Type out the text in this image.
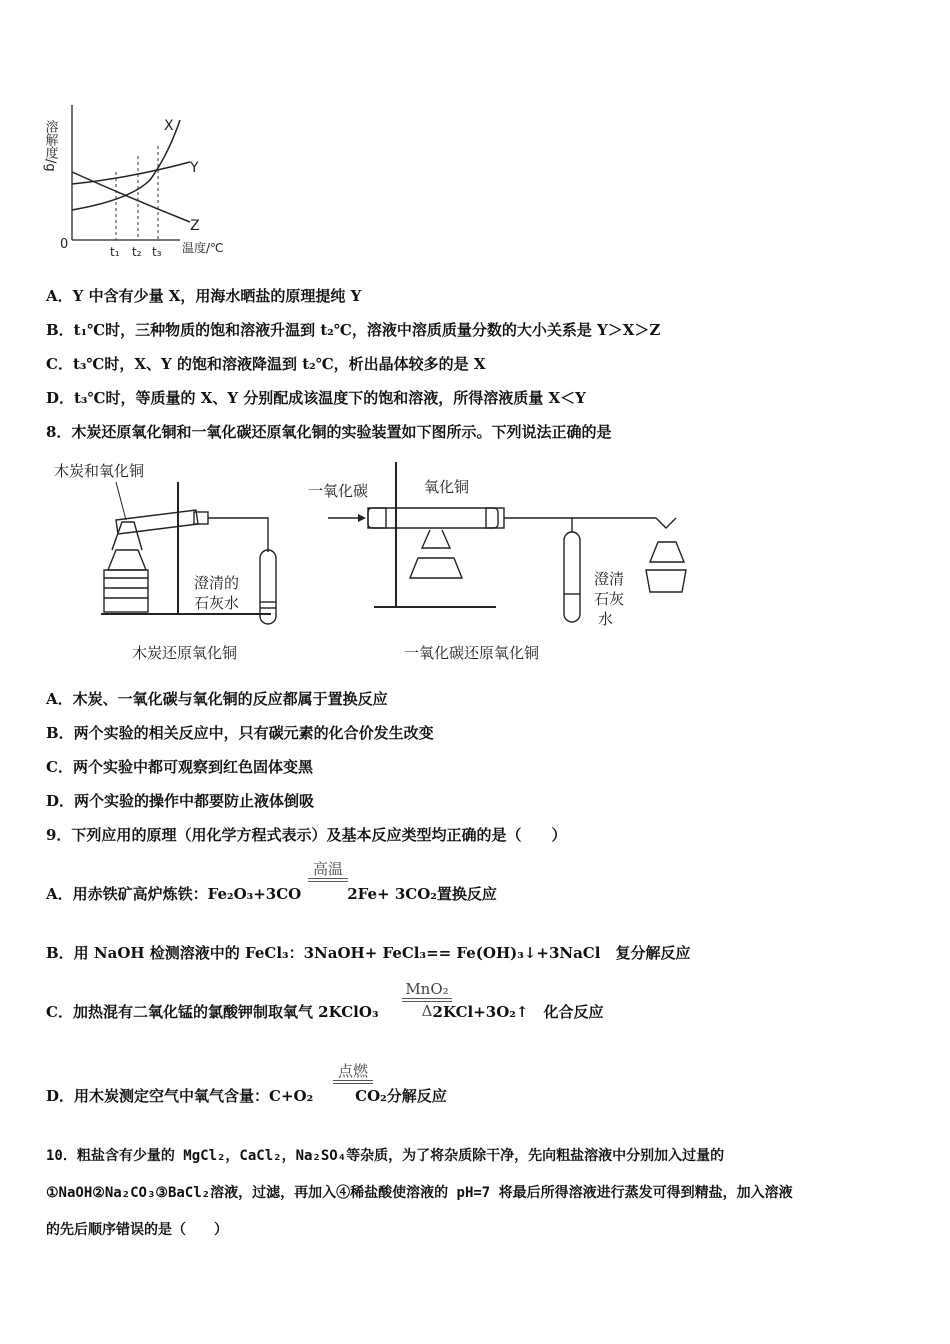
溶解度/g
0	t₁ t₂ t₃ 温度/℃
X
Y
Z
A．Y 中含有少量 X，用海水晒盐的原理提纯 Y
B．t₁℃时，三种物质的饱和溶液升温到 t₂℃，溶液中溶质质量分数的大小关系是 Y＞X＞Z
C．t₃℃时，X、Y 的饱和溶液降温到 t₂℃，析出晶体较多的是 X
D．t₃℃时，等质量的 X、Y 分别配成该温度下的饱和溶液，所得溶液质量 X＜Y
8．木炭还原氧化铜和一氧化碳还原氧化铜的实验装置如下图所示。下列说法正确的是
木炭和氧化铜
澄清的
石灰水
木炭还原氧化铜
一氧化碳	氧化铜
澄清
石灰
水
一氧化碳还原氧化铜
A．木炭、一氧化碳与氧化铜的反应都属于置换反应
B．两个实验的相关反应中，只有碳元素的化合价发生改变
C．两个实验中都可观察到红色固体变黑
D．两个实验的操作中都要防止液体倒吸
9．下列应用的原理（用化学方程式表示）及基本反应类型均正确的是（　　）
A．用赤铁矿高炉炼铁：Fe₂O₃+3CO	2Fe+ 3CO₂置换反应
高温
B．用 NaOH 检测溶液中的 FeCl₃：3NaOH+ FeCl₃== Fe(OH)₃↓+3NaCl　复分解反应
C．加热混有二氧化锰的氯酸钾制取氧气 2KClO₃	2KCl+3O₂↑　化合反应
MnO₂
Δ
D．用木炭测定空气中氧气含量：C+O₂	CO₂分解反应
点燃
10．粗盐含有少量的 MgCl₂，CaCl₂，Na₂SO₄等杂质，为了将杂质除干净，先向粗盐溶液中分别加入过量的
①NaOH②Na₂CO₃③BaCl₂溶液，过滤，再加入④稀盐酸使溶液的 pH=7 将最后所得溶液进行蒸发可得到精盐，加入溶液
的先后顺序错误的是（　　）
